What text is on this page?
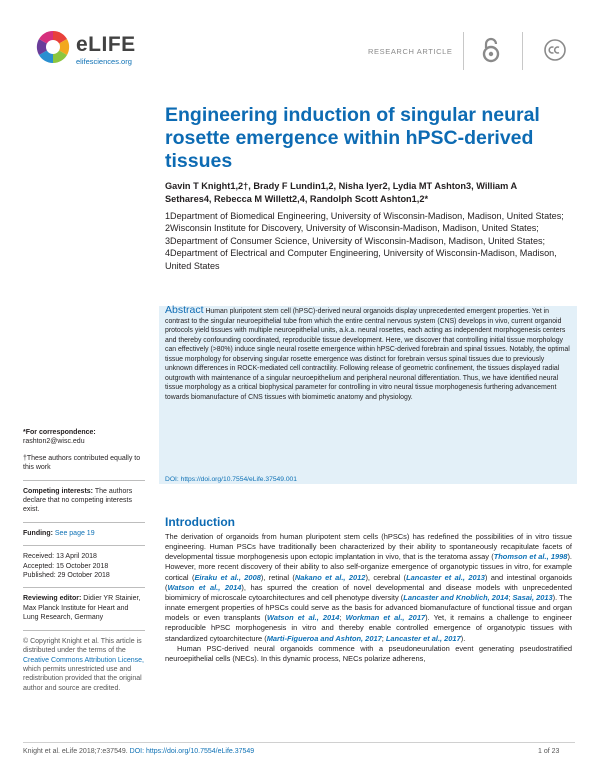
eLIFE
elifesciences.org
RESEARCH ARTICLE
Engineering induction of singular neural rosette emergence within hPSC-derived tissues

Gavin T Knight1,2†, Brady F Lundin1,2, Nisha Iyer2, Lydia MT Ashton3, William A Sethares4, Rebecca M Willett2,4, Randolph Scott Ashton1,2*

1Department of Biomedical Engineering, University of Wisconsin-Madison, Madison, United States; 2Wisconsin Institute for Discovery, University of Wisconsin-Madison, Madison, United States; 3Department of Consumer Science, University of Wisconsin-Madison, Madison, United States; 4Department of Electrical and Computer Engineering, University of Wisconsin-Madison, Madison, United States

Abstract Human pluripotent stem cell (hPSC)-derived neural organoids display unprecedented emergent properties. Yet in contrast to the singular neuroepithelial tube from which the entire central nervous system (CNS) develops in vivo, current organoid protocols yield tissues with multiple neuroepithelial units, a.k.a. neural rosettes, each acting as independent morphogenesis centers and thereby confounding coordinated, reproducible tissue development. Here, we discover that controlling initial tissue morphology can effectively (>80%) induce single neural rosette emergence within hPSC-derived forebrain and spinal tissues. Notably, the optimal tissue morphology for observing singular rosette emergence was distinct for forebrain versus spinal tissues due to previously unknown differences in ROCK-mediated cell contractility. Following release of geometric confinement, the tissues displayed radial outgrowth with maintenance of a singular neuroepithelium and peripheral neuronal differentiation. Thus, we have identified neural tissue morphology as a critical biophysical parameter for controlling in vitro neural tissue morphogenesis furthering advancement towards biomanufacture of CNS tissues with biomimetic anatomy and physiology.

DOI: https://doi.org/10.7554/eLife.37549.001

*For correspondence:
rashton2@wisc.edu

†These authors contributed equally to this work

Competing interests: The authors declare that no competing interests exist.

Funding: See page 19

Received: 13 April 2018
Accepted: 15 October 2018
Published: 29 October 2018

Reviewing editor: Didier YR Stainier, Max Planck Institute for Heart and Lung Research, Germany

© Copyright Knight et al. This article is distributed under the terms of the Creative Commons Attribution License, which permits unrestricted use and redistribution provided that the original author and source are credited.

Introduction

The derivation of organoids from human pluripotent stem cells (hPSCs) has redefined the possibilities of in vitro tissue engineering. Human PSCs have traditionally been characterized by their ability to spontaneously recapitulate facets of developmental tissue morphogenesis upon ectopic implantation in vivo, that is the teratoma assay (Thomson et al., 1998). However, more recent discovery of their ability to also self-organize emergence of organotypic tissues in vitro, for example cortical (Eiraku et al., 2008), retinal (Nakano et al., 2012), cerebral (Lancaster et al., 2013) and intestinal organoids (Watson et al., 2014), has spurred the creation of novel developmental and disease models with unprecedented biomimicry of microscale cytoarchitectures and cell phenotype diversity (Lancaster and Knoblich, 2014; Sasai, 2013). The innate emergent properties of hPSCs could serve as the basis for advanced biomanufacture of functional tissue and organ models or even transplants (Watson et al., 2014; Workman et al., 2017). Yet, it remains a challenge to engineer reproducible hPSC morphogenesis in vitro and thereby enable controlled emergence of organotypic tissues with standardized cytoarchitecture (Marti-Figueroa and Ashton, 2017; Lancaster et al., 2017).

Human PSC-derived neural organoids commence with a pseudoneurulation event generating pseudostratified neuroepithelial cells (NECs). In this dynamic process, NECs polarize adherens,

Knight et al. eLife 2018;7:e37549. DOI: https://doi.org/10.7554/eLife.37549	1 of 23
